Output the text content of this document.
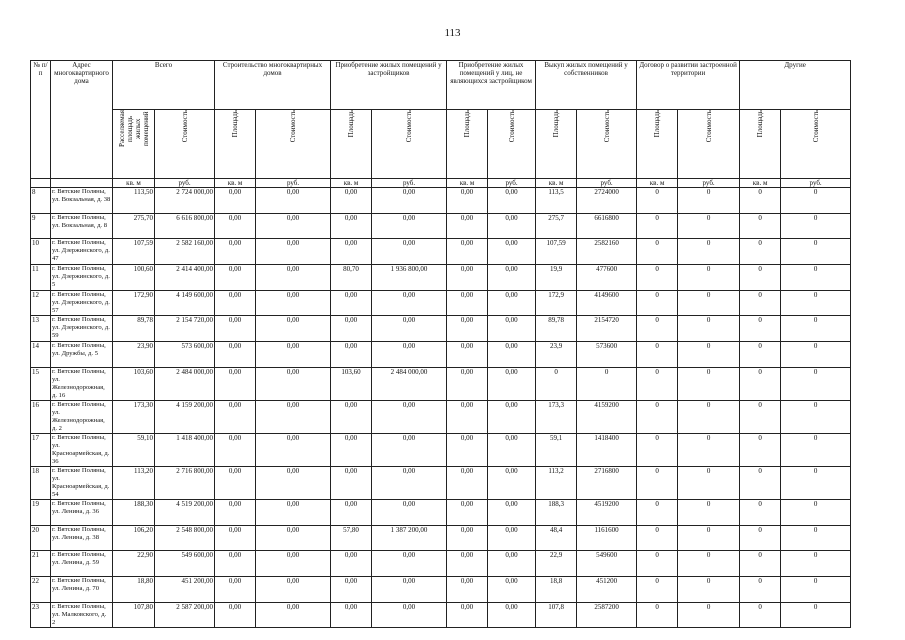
113
№ п/п	Адрес многоквартирного дома	Всего		Строительство многоквартирных домов		Приобретение жилых помещений у застройщиков		Приобретение жилых помещений у лиц, не являющихся застройщиком		Выкуп жилых помещений у собственников		Договор о развитии застроенной территории		Другие	
		Расселяемая
площадь
жилых
помещений	Стоимость	Площадь	Стоимость	Площадь	Стоимость	Площадь	Стоимость	Площадь	Стоимость	Площадь	Стоимость	Площадь	Стоимость
		кв. м	руб.	кв. м	руб.	кв. м	руб.	кв. м	руб.	кв. м	руб.	кв. м	руб.	кв. м	руб.
8	г. Вятские Поляны, ул. Вокзальная, д. 38	113,50	2 724 000,00	0,00	0,00	0,00	0,00	0,00	0,00	113,5	2724000	0	0	0	0
9	г. Вятские Поляны, ул. Вокзальная, д. 8	275,70	6 616 800,00	0,00	0,00	0,00	0,00	0,00	0,00	275,7	6616800	0	0	0	0
10	г. Вятские Поляны, ул. Дзержинского, д. 47	107,59	2 582 160,00	0,00	0,00	0,00	0,00	0,00	0,00	107,59	2582160	0	0	0	0
11	г. Вятские Поляны, ул. Дзержинского, д. 5	100,60	2 414 400,00	0,00	0,00	80,70	1 936 800,00	0,00	0,00	19,9	477600	0	0	0	0
12	г. Вятские Поляны, ул. Дзержинского, д. 57	172,90	4 149 600,00	0,00	0,00	0,00	0,00	0,00	0,00	172,9	4149600	0	0	0	0
13	г. Вятские Поляны, ул. Дзержинского, д. 59	89,78	2 154 720,00	0,00	0,00	0,00	0,00	0,00	0,00	89,78	2154720	0	0	0	0
14	г. Вятские Поляны, ул. Дружбы, д. 5	23,90	573 600,00	0,00	0,00	0,00	0,00	0,00	0,00	23,9	573600	0	0	0	0
15	г. Вятские Поляны, ул. Железнодорожная, д. 16	103,60	2 484 000,00	0,00	0,00	103,60	2 484 000,00	0,00	0,00	0	0	0	0	0	0
16	г. Вятские Поляны, ул. Железнодорожная, д. 2	173,30	4 159 200,00	0,00	0,00	0,00	0,00	0,00	0,00	173,3	4159200	0	0	0	0
17	г. Вятские Поляны, ул. Красноармейская, д. 36	59,10	1 418 400,00	0,00	0,00	0,00	0,00	0,00	0,00	59,1	1418400	0	0	0	0
18	г. Вятские Поляны, ул. Красноармейская, д. 54	113,20	2 716 800,00	0,00	0,00	0,00	0,00	0,00	0,00	113,2	2716800	0	0	0	0
19	г. Вятские Поляны, ул. Ленина, д. 36	188,30	4 519 200,00	0,00	0,00	0,00	0,00	0,00	0,00	188,3	4519200	0	0	0	0
20	г. Вятские Поляны, ул. Ленина, д. 38	106,20	2 548 800,00	0,00	0,00	57,80	1 387 200,00	0,00	0,00	48,4	1161600	0	0	0	0
21	г. Вятские Поляны, ул. Ленина, д. 59	22,90	549 600,00	0,00	0,00	0,00	0,00	0,00	0,00	22,9	549600	0	0	0	0
22	г. Вятские Поляны, ул. Ленина, д. 70	18,80	451 200,00	0,00	0,00	0,00	0,00	0,00	0,00	18,8	451200	0	0	0	0
23	г. Вятские Поляны, ул. Малковского, д. 2	107,80	2 587 200,00	0,00	0,00	0,00	0,00	0,00	0,00	107,8	2587200	0	0	0	0
